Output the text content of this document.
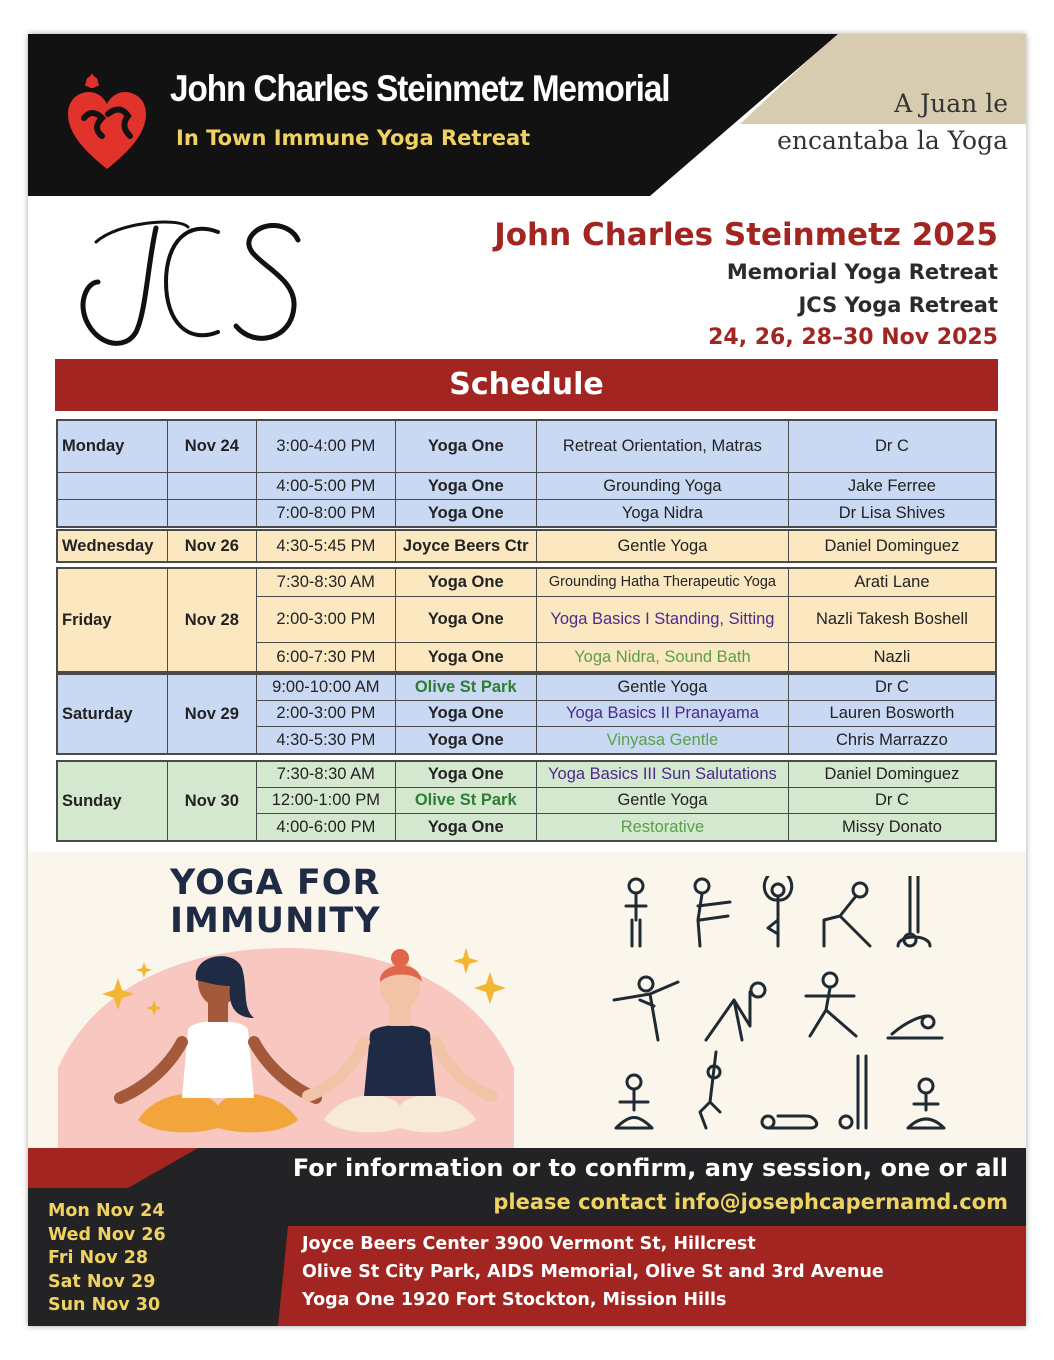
John Charles Steinmetz Memorial
In Town Immune Yoga Retreat
A Juan le
encantaba la Yoga
John Charles Steinmetz 2025
Memorial Yoga Retreat
JCS Yoga Retreat
24, 26, 28–30 Nov 2025
Schedule
Monday	Nov 24	3:00-4:00 PM	Yoga One	Retreat Orientation, Matras	Dr C
4:00-5:00 PM	Yoga One	Grounding Yoga	Jake Ferree
7:00-8:00 PM	Yoga One	Yoga Nidra	Dr Lisa Shives
Wednesday	Nov 26	4:30-5:45 PM	Joyce Beers Ctr	Gentle Yoga	Daniel Dominguez
Friday	Nov 28
7:30-8:30 AM	Yoga One	Grounding Hatha Therapeutic Yoga	Arati Lane
2:00-3:00 PM	Yoga One	Yoga Basics I Standing, Sitting	Nazli Takesh Boshell
6:00-7:30 PM	Yoga One	Yoga Nidra, Sound Bath	Nazli
Saturday	Nov 29
9:00-10:00 AM	Olive St Park	Gentle Yoga	Dr C
2:00-3:00 PM	Yoga One	Yoga Basics II Pranayama	Lauren Bosworth
4:30-5:30 PM	Yoga One	Vinyasa Gentle	Chris Marrazzo
Sunday	Nov 30
7:30-8:30 AM	Yoga One	Yoga Basics III Sun Salutations	Daniel Dominguez
12:00-1:00 PM	Olive St Park	Gentle Yoga	Dr C
4:00-6:00 PM	Yoga One	Restorative	Missy Donato
YOGA FOR
IMMUNITY
For information or to confirm, any session, one or all
please contact info@josephcapernamd.com
Mon Nov 24
Wed Nov 26
Fri Nov 28
Sat Nov 29
Sun Nov 30
Joyce Beers Center 3900 Vermont St, Hillcrest
Olive St City Park, AIDS Memorial, Olive St and 3rd Avenue
Yoga One 1920 Fort Stockton, Mission Hills
